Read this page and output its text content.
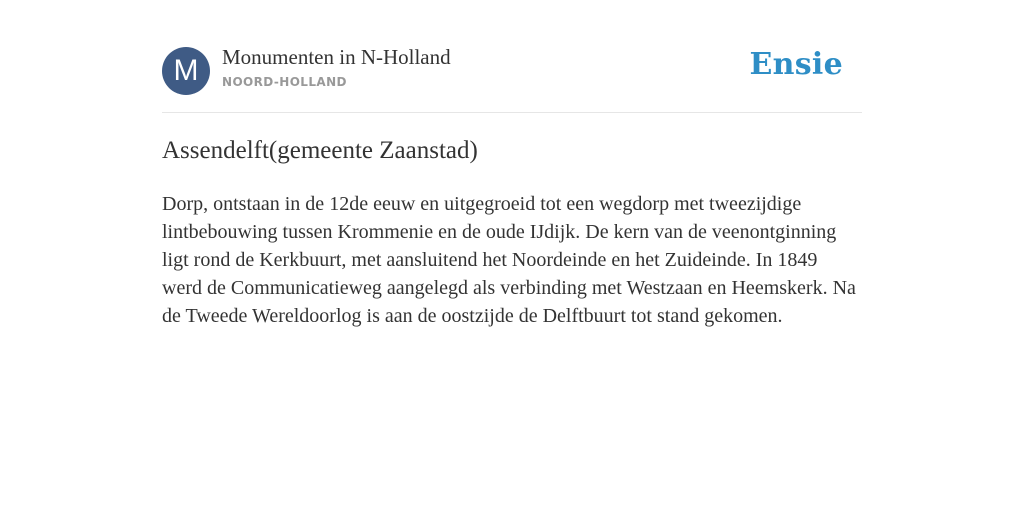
M	Monumenten in N-Holland
NOORD-HOLLAND	Ensie
Assendelft(gemeente Zaanstad)
Dorp, ontstaan in de 12de eeuw en uitgegroeid tot een wegdorp met tweezijdige lintbebouwing tussen Krommenie en de oude IJdijk. De kern van de veenontginning ligt rond de Kerkbuurt, met aansluitend het Noordeinde en het Zuideinde. In 1849 werd de Communicatieweg aangelegd als verbinding met Westzaan en Heemskerk. Na de Tweede Wereldoorlog is aan de oostzijde de Delftbuurt tot stand gekomen.
